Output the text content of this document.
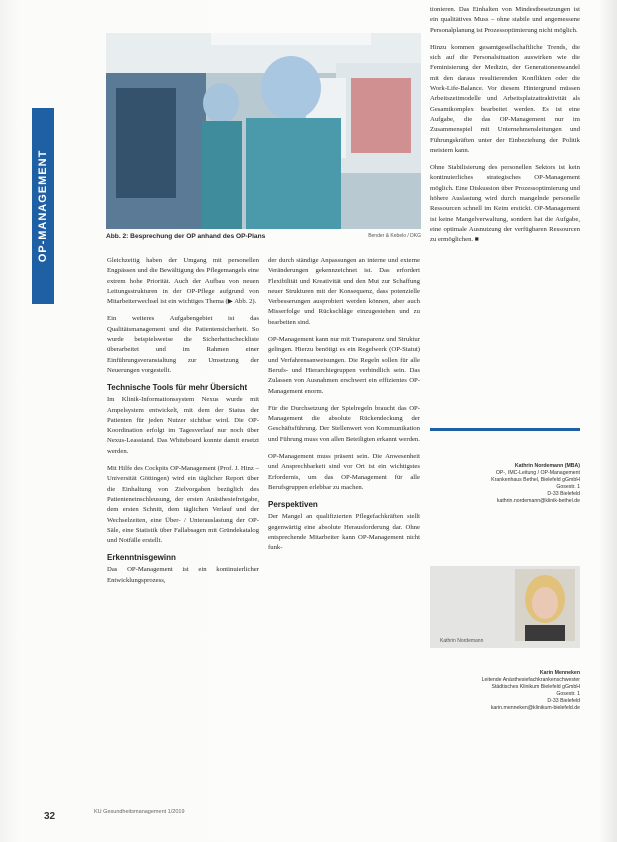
OP-MANAGEMENT	Abb. 2: Besprechung der OP anhand des OP-Plans	Bender & Kebelo / DKG

Gleichzeitig haben der Umgang mit personellen Engpässen und die Bewältigung des Pflegemangels eine extrem hohe Priorität. Auch der Aufbau von neuen Leitungsstrukturen in der OP-Pflege aufgrund von Mitarbeiterwechsel ist ein wichtiges Thema (▶ Abb. 2).

Ein weiteres Aufgabengebiet ist das Qualitätsmanagement und die Patientensicherheit. So wurde beispielsweise die Sicherheitscheckliste überarbeitet und im Rahmen einer Einführungsveranstaltung zur Umsetzung der Neuerungen vorgestellt.

Technische Tools für mehr Übersicht

Im Klinik-Informationssystem Nexus wurde mit Ampelsystem entwickelt, mit dem der Status der Patienten für jeden Nutzer sichtbar wird. Die OP-Koordination erfolgt im Tagesverlauf nur noch über Nexus-Leasstand. Das Whiteboard konnte damit ersetzt werden.

Mit Hilfe des Cockpits OP-Management (Prof. J. Hinz – Universität Göttingen) wird ein täglicher Report über die Einhaltung von Zielvorgaben bezüglich des Patienteneinschleusung, der ersten Anästhesiefreigabe, dem ersten Schnitt, dem täglichen Verlauf und der Wechselzeiten, eine Über- / Unterauslastung der OP-Säle, eine Statistik über Fallabsagen mit Gründekatalog und Notfälle erstellt.

Erkenntnisgewinn

Das OP-Management ist ein kontinuierlicher Entwicklungsprozess,

der durch ständige Anpassungen an interne und externe Veränderungen gekennzeichnet ist. Das erfordert Flexibilität und Kreativität und den Mut zur Schaffung neuer Strukturen mit der Konsequenz, dass potenzielle Verbesserungen ausprobiert werden können, aber auch Misserfolge und Rückschläge einzugestehen und zu bearbeiten sind.

OP-Management kann nur mit Transparenz und Struktur gelingen. Hierzu benötigt es ein Regelwerk (OP-Statut) und Verfahrensanweisungen. Die Regeln sollen für alle Berufs- und Hierarchiegruppen verbindlich sein. Das Zulassen von Ausnahmen erschwert ein effizientes OP-Management enorm.

Für die Durchsetzung der Spielregeln braucht das OP-Management die absolute Rückendeckung der Geschäftsführung. Der Stellenwert von Kommunikation und Führung muss von allen Beteiligten erkannt werden.

OP-Management muss präsent sein. Die Anwesenheit und Ansprechbarkeit sind vor Ort ist ein wichtigstes Erfordernis, um das OP-Management für alle Berufsgruppen erlebbar zu machen.

Perspektiven

Der Mangel an qualifizierten Pflegefachkräften stellt gegenwärtig eine absolute Herausforderung dar. Ohne entsprechende Mitarbeiter kann OP-Management nicht funk-

tionieren. Das Einhalten von Mindestbesetzungen ist ein qualitätives Muss – ohne stabile und angemessene Personalplanung ist Prozessoptimierung nicht möglich.

Hinzu kommen gesamtgesellschaftliche Trends, die sich auf die Personalsituation auswirken wie die Feminisierung der Medizin, der Generationenwandel mit den daraus resultierenden Konflikten oder die Work-Life-Balance. Vor diesem Hintergrund müssen Arbeitszeitmodelle und Arbeitsplatzattraktivität als Gesamtkomplex bearbeitet werden. Es ist eine Aufgabe, die das OP-Management nur im Zusammenspiel mit Unternehmensleitungen und Führungskräften unter der Einbeziehung der Politik meistern kann.

Ohne Stabilisierung des personellen Sektors ist kein kontinuierliches strategisches OP-Management möglich. Eine Diskussion über Prozessoptimierung und höhere Auslastung wird durch mangelnde personelle Ressourcen schnell im Keim erstickt. OP-Management ist keine Mangelverwaltung, sondern hat die Aufgabe, eine optimale Ausnutzung der verfügbaren Ressourcen zu ermöglichen. ■

Kathrin Nordemann (MBA)
OP-, IMC-Leitung / OP-Management
Krankenhaus Bethel, Bielefeld gGmbH
Gosestr. 1
D-33 Bielefeld
kathrin.nordemann@klinik-bethel.de
Kathrin Nordemann
Karin Menneken
Leitende Anästhesiefachkrankenschwester
Städtisches Klinikum Bielefeld gGmbH
Gosestr. 1
D-33 Bielefeld
karin.menneken@klinikum-bielefeld.de
32	KU Gesundheitsmanagement 1/2019
